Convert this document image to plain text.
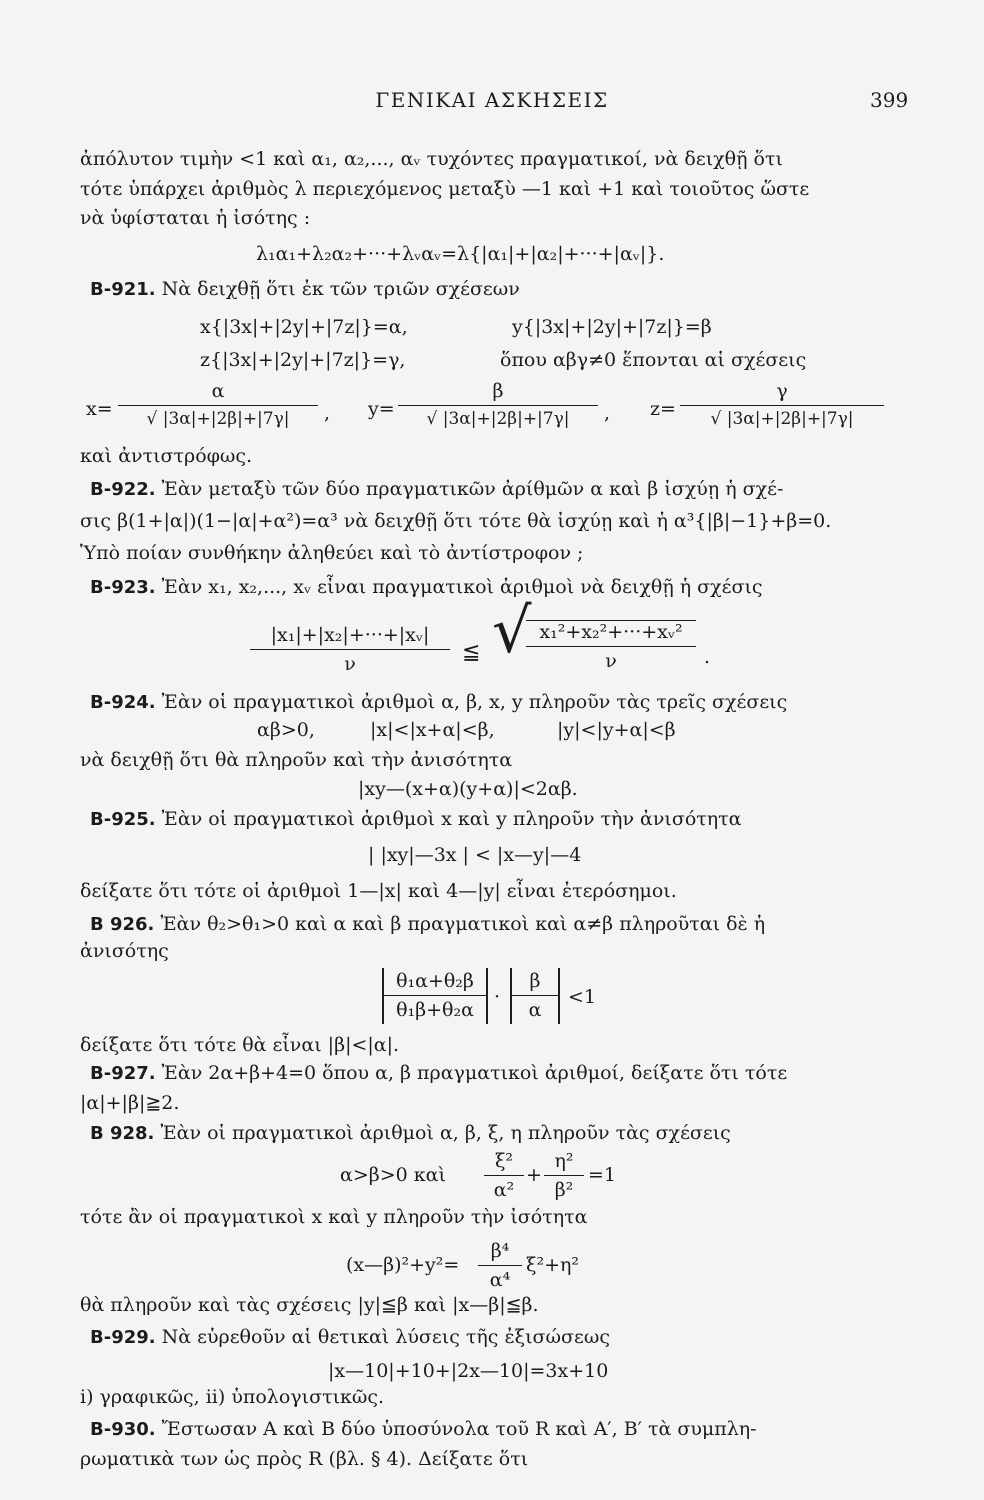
ΓΕΝΙΚΑΙ ΑΣΚΗΣΕΙΣ	399
ἀπόλυτον τιμὴν <1 καὶ α₁, α₂,..., αᵥ τυχόντες πραγματικοί, νὰ δειχθῇ ὅτι
τότε ὑπάρχει ἀριθμὸς λ περιεχόμενος μεταξὺ —1 καὶ +1 καὶ τοιοῦτος ὥστε
νὰ ὑφίσταται ἡ ἰσότης :
λ₁α₁+λ₂α₂+···+λᵥαᵥ=λ{|α₁|+|α₂|+···+|αᵥ|}.
B-921. Νὰ δειχθῇ ὅτι ἐκ τῶν τριῶν σχέσεων
x{|3x|+|2y|+|7z|}=α,	y{|3x|+|2y|+|7z|}=β
z{|3x|+|2y|+|7z|}=γ,	ὅπου αβγ≠0 ἕπονται αἱ σχέσεις
$x= \frac{\alpha}{√ |3\alpha|+|2\beta|+|7\gamma|}$ , $y= \frac{\beta}{√ |3\alpha|+|2\beta|+|7\gamma|}$ , $z= \frac{\gamma}{√ |3\alpha|+|2\beta|+|7\gamma|}$
καὶ ἀντιστρόφως.
B-922. Ἐὰν μεταξὺ τῶν δύο πραγματικῶν ἀρίθμῶν α καὶ β ἰσχύῃ ἡ σχέ-
σις β(1+|α|)(1−|α|+α²)=α³ νὰ δειχθῇ ὅτι τότε θὰ ἰσχύῃ καὶ ἡ α³{|β|−1}+β=0.
Ὑπὸ ποίαν συνθήκην ἀληθεύει καὶ τὸ ἀντίστροφον ;
B-923. Ἐὰν x₁, x₂,..., xᵥ εἶναι πραγματικοὶ ἀριθμοὶ νὰ δειχθῇ ἡ σχέσις
$\frac{\text{|x₁|+|x₂|+···+|xᵥ|}}{\nu}$ ≦ √
$\frac{\text{x₁²+x₂²+···+xᵥ²}}{\nu}$ .
B-924. Ἐὰν οἱ πραγματικοὶ ἀριθμοὶ α, β, x, y πληροῦν τὰς τρεῖς σχέσεις
αβ>0,	|x|<|x+α|<β,	|y|<|y+α|<β
νὰ δειχθῇ ὅτι θὰ πληροῦν καὶ τὴν ἀνισότητα
|xy—(x+α)(y+α)|<2αβ.
B-925. Ἐὰν οἱ πραγματικοὶ ἀριθμοὶ x καὶ y πληροῦν τὴν ἀνισότητα
| |xy|—3x | < |x—y|—4
δείξατε ὅτι τότε οἱ ἀριθμοὶ 1—|x| καὶ 4—|y| εἶναι ἑτερόσημοι.
B 926. Ἐὰν θ₂>θ₁>0 καὶ α καὶ β πραγματικοὶ καὶ α≠β πληροῦται δὲ ἡ
ἀνισότης
$\frac{\text{θ₁α+θ₂β}}{\text{θ₁β+θ₂α}} \cdot \frac{\beta}{\alpha} <1$
δείξατε ὅτι τότε θὰ εἶναι |β|<|α|.
B-927. Ἐὰν 2α+β+4=0 ὅπου α, β πραγματικοὶ ἀριθμοί, δείξατε ὅτι τότε
|α|+|β|≧2.
B 928. Ἐὰν οἱ πραγματικοὶ ἀριθμοὶ α, β, ξ, η πληροῦν τὰς σχέσεις
α>β>0 καὶ $\frac{\text{ξ²}}{\text{α²}} + \frac{\text{η²}}{\text{β²}} =1$
τότε ἂν οἱ πραγματικοὶ x καὶ y πληροῦν τὴν ἰσότητα
(x—β)²+y²= $\frac{\text{β⁴}}{\text{α⁴}} \xi^2+\eta^2$
θὰ πληροῦν καὶ τὰς σχέσεις |y|≦β καὶ |x—β|≦β.
B-929. Νὰ εὑρεθοῦν αἱ θετικαὶ λύσεις τῆς ἐξισώσεως
|x—10|+10+|2x—10|=3x+10
i) γραφικῶς, ii) ὑπολογιστικῶς.
B-930. Ἔστωσαν A καὶ B δύο ὑποσύνολα τοῦ R καὶ A′, B′ τὰ συμπλη-
ρωματικὰ των ὡς πρὸς R (βλ. § 4). Δείξατε ὅτι
